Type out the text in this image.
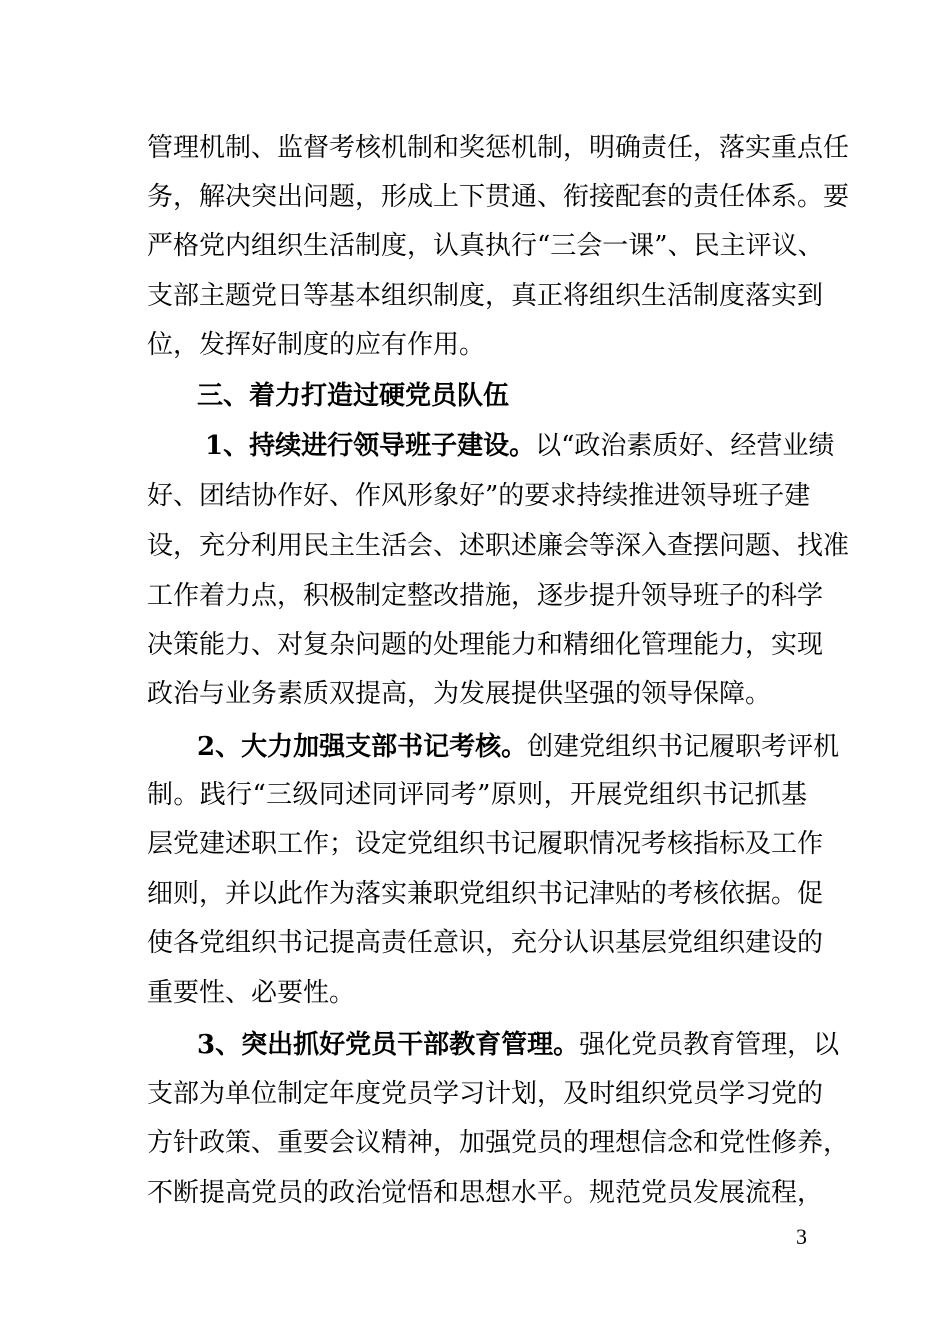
管理机制、监督考核机制和奖惩机制，明确责任，落实重点任
务，解决突出问题，形成上下贯通、衔接配套的责任体系。要
严格党内组织生活制度，认真执行“三会一课”、民主评议、
支部主题党日等基本组织制度，真正将组织生活制度落实到
位，发挥好制度的应有作用。
三、着力打造过硬党员队伍
1、持续进行领导班子建设。以“政治素质好、经营业绩
好、团结协作好、作风形象好”的要求持续推进领导班子建
设，充分利用民主生活会、述职述廉会等深入查摆问题、找准
工作着力点，积极制定整改措施，逐步提升领导班子的科学
决策能力、对复杂问题的处理能力和精细化管理能力，实现
政治与业务素质双提高，为发展提供坚强的领导保障。
2、大力加强支部书记考核。创建党组织书记履职考评机
制。践行“三级同述同评同考”原则，开展党组织书记抓基
层党建述职工作；设定党组织书记履职情况考核指标及工作
细则，并以此作为落实兼职党组织书记津贴的考核依据。促
使各党组织书记提高责任意识，充分认识基层党组织建设的
重要性、必要性。
3、突出抓好党员干部教育管理。强化党员教育管理，以
支部为单位制定年度党员学习计划，及时组织党员学习党的
方针政策、重要会议精神，加强党员的理想信念和党性修养，
不断提高党员的政治觉悟和思想水平。规范党员发展流程，
3
